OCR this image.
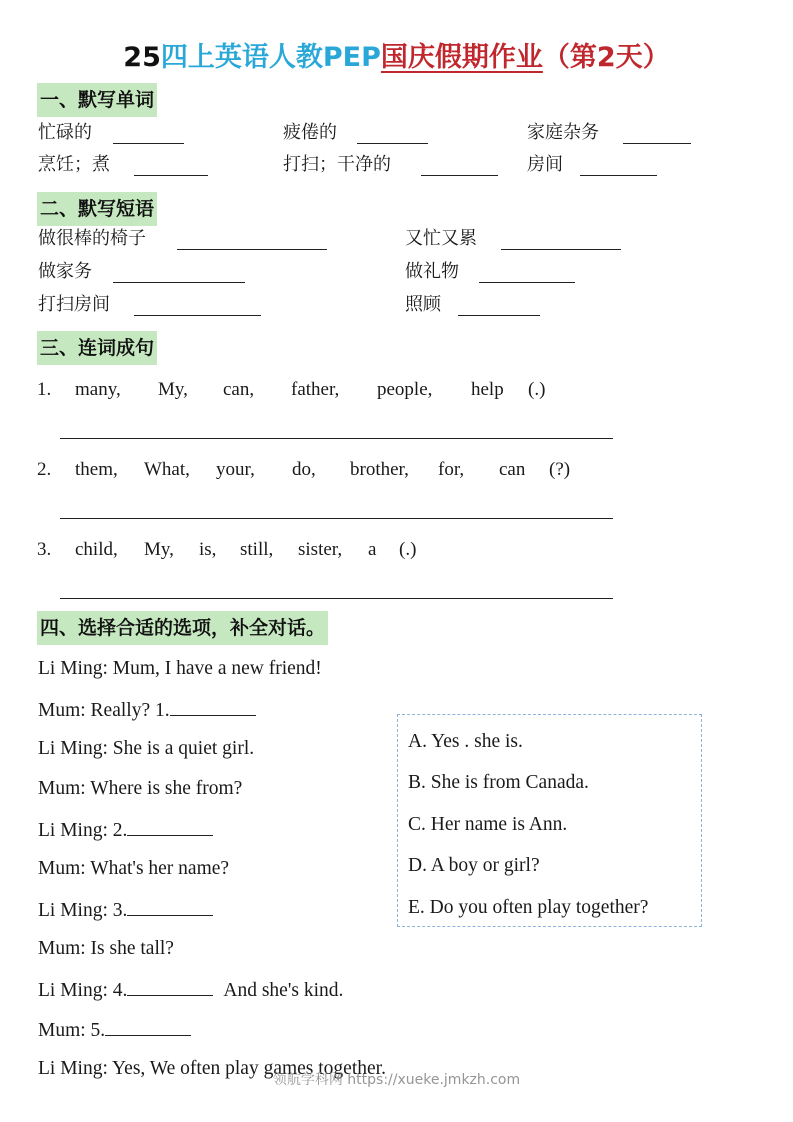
25四上英语人教PEP国庆假期作业（第2天）
一、默写单词
忙碌的	疲倦的	家庭杂务
烹饪；煮	打扫；干净的	房间
二、默写短语
做很棒的椅子	又忙又累
做家务	做礼物
打扫房间	照顾
三、连词成句
1. many, My, can, father, people, help (.)
2. them, What, your, do, brother, for, can (?)
3. child, My, is, still, sister, a (.)
四、选择合适的选项，补全对话。
Li Ming: Mum, I have a new friend!
Mum: Really? 1.
Li Ming: She is a quiet girl.
Mum: Where is she from?
Li Ming: 2.
Mum: What's her name?
Li Ming: 3.
Mum: Is she tall?
Li Ming: 4.	And she's kind.
Mum: 5.
Li Ming: Yes, We often play games together.
A. Yes . she is.
B. She is from Canada.
C. Her name is Ann.
D. A boy or girl?
E. Do you often play together?
领航学科网 https://xueke.jmkzh.com
